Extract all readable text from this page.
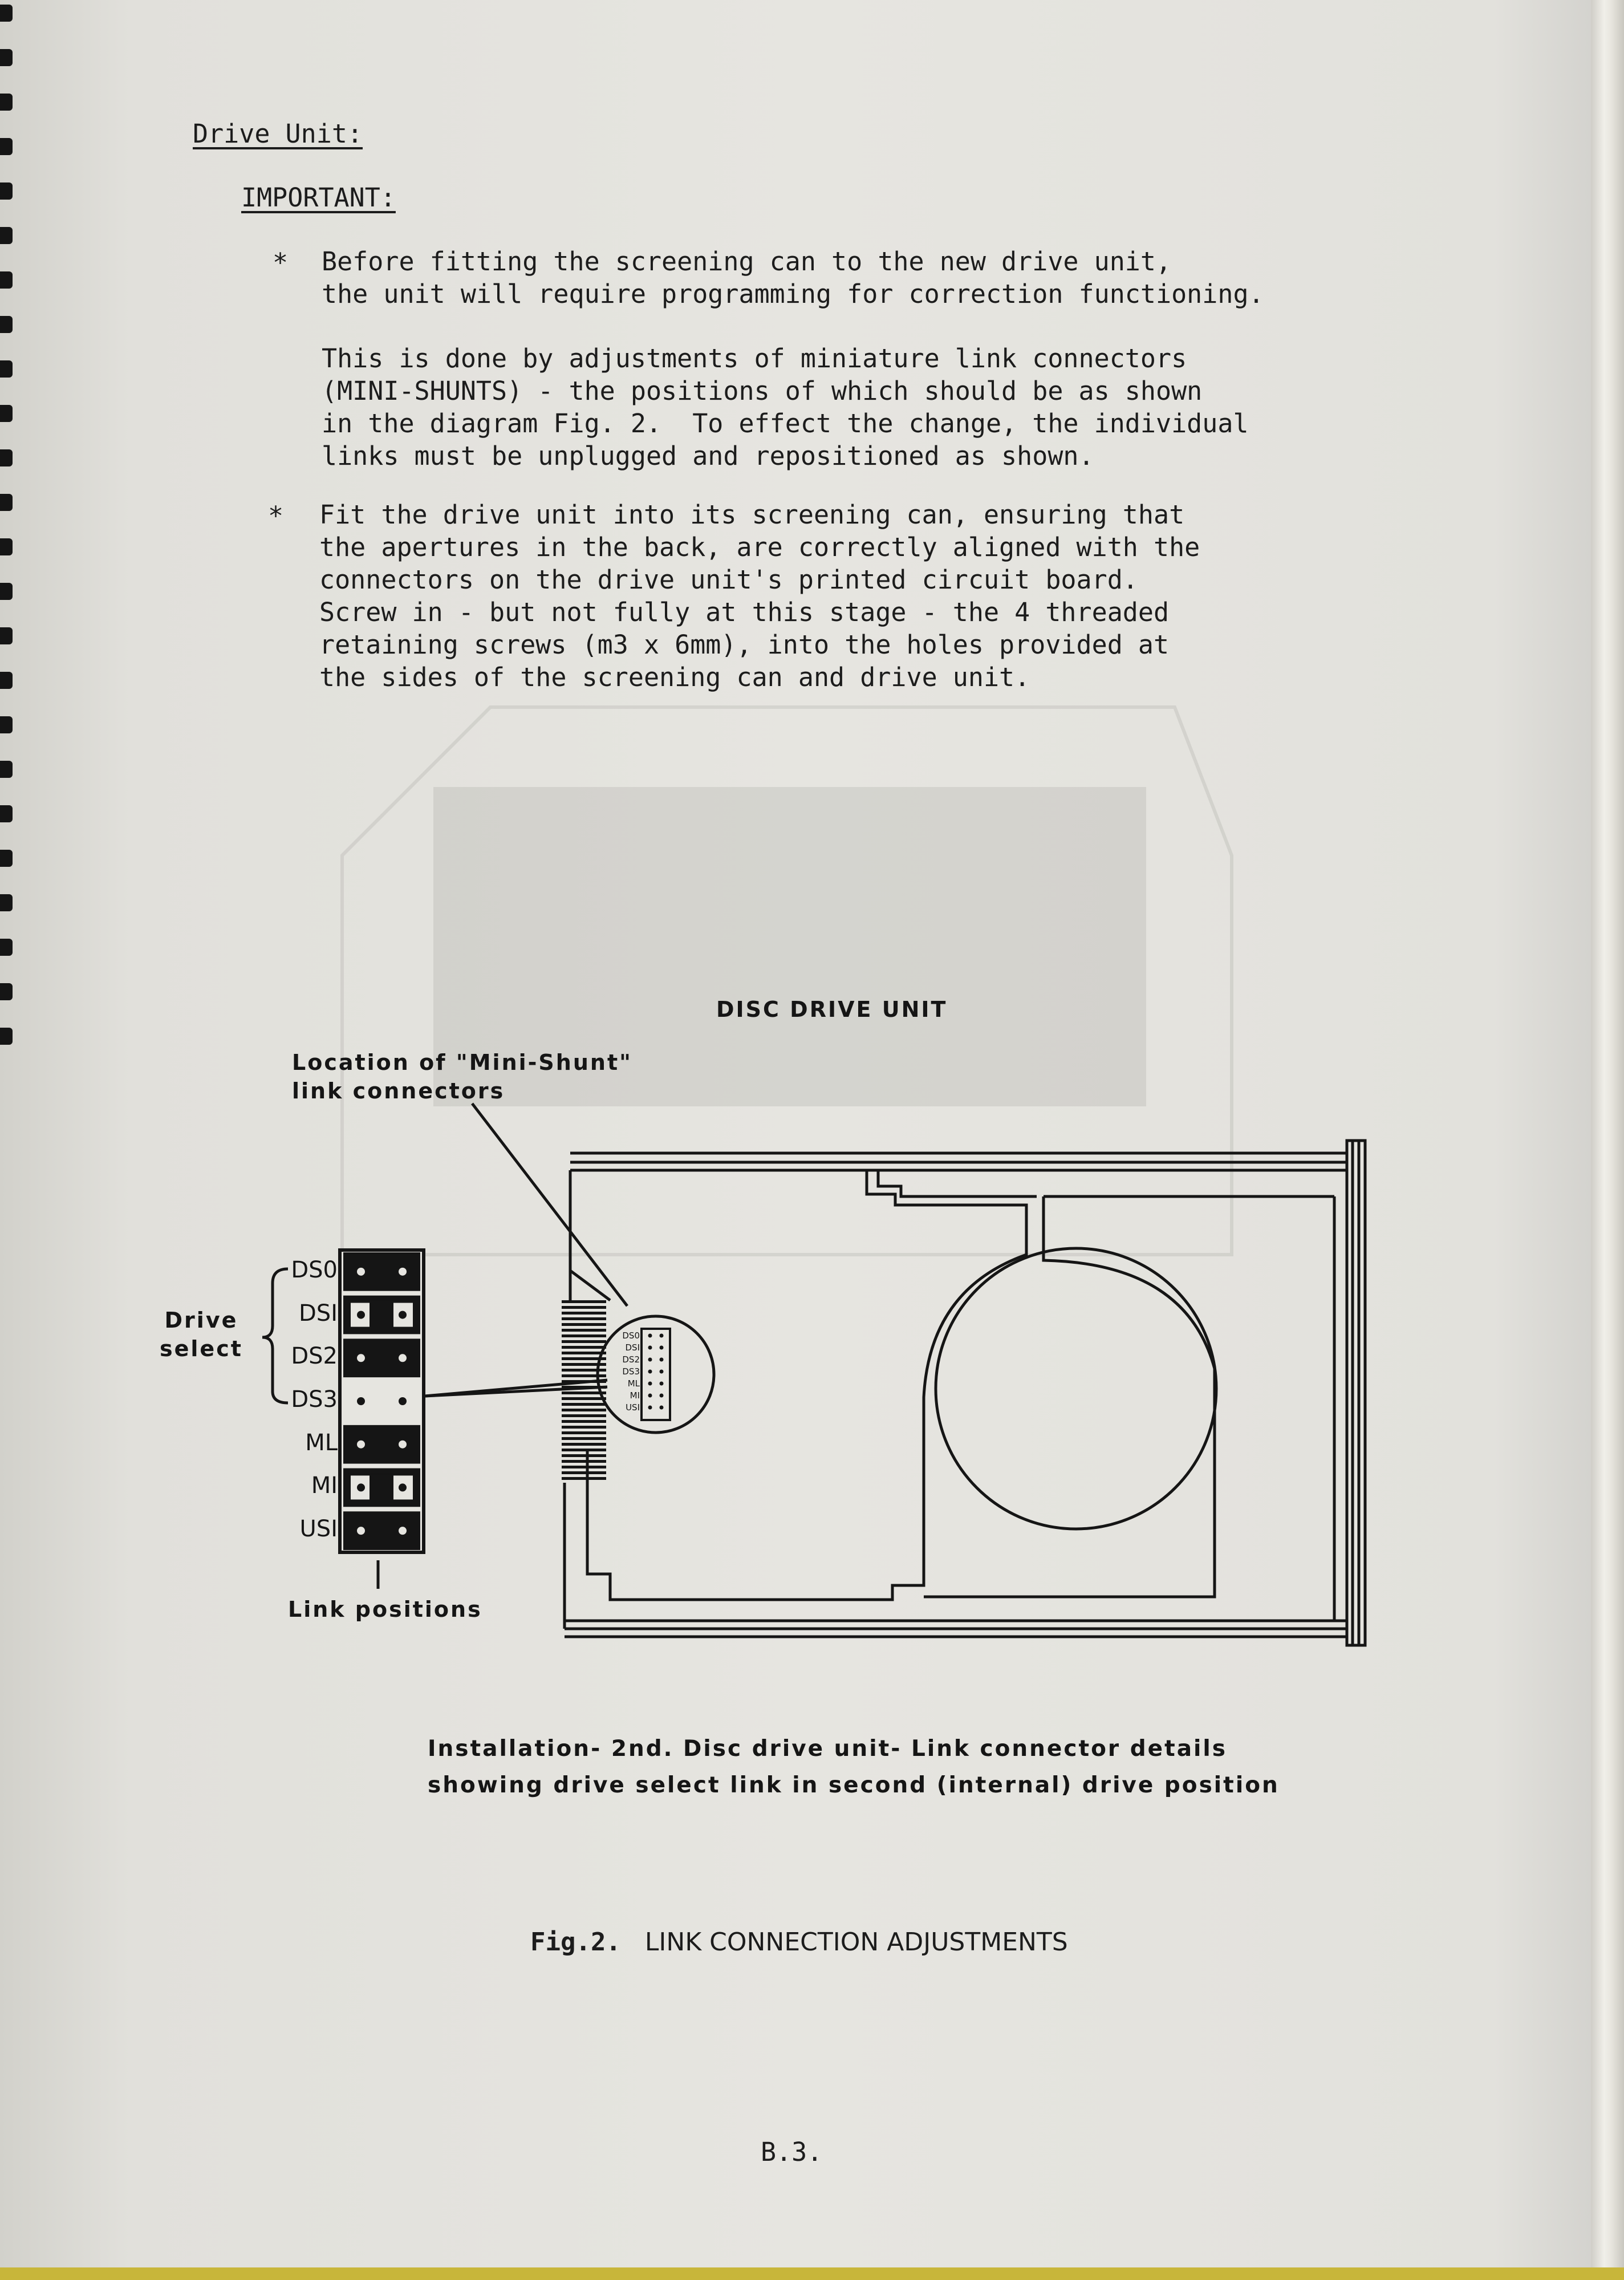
Drive Unit:
IMPORTANT:
* Before fitting the screening can to the new drive unit,
the unit will require programming for correction functioning.
This is done by adjustments of miniature link connectors
(MINI-SHUNTS) - the positions of which should be as shown
in the diagram Fig. 2.  To effect the change, the individual
links must be unplugged and repositioned as shown.
* Fit the drive unit into its screening can, ensuring that
the apertures in the back, are correctly aligned with the
connectors on the drive unit's printed circuit board.
Screw in - but not fully at this stage - the 4 threaded
retaining screws (m3 x 6mm), into the holes provided at
the sides of the screening can and drive unit.
DISC DRIVE UNIT
Location of "Mini-Shunt"
link connectors
Drive
select
DS0
DSI
DS2
DS3
ML
MI
USI
DS0
DSI
DS2
DS3
ML
MI
USI
Link positions
Installation- 2nd. Disc drive unit- Link connector details
showing drive select link in second (internal) drive position
Fig.2. LINK CONNECTION ADJUSTMENTS
B.3.
